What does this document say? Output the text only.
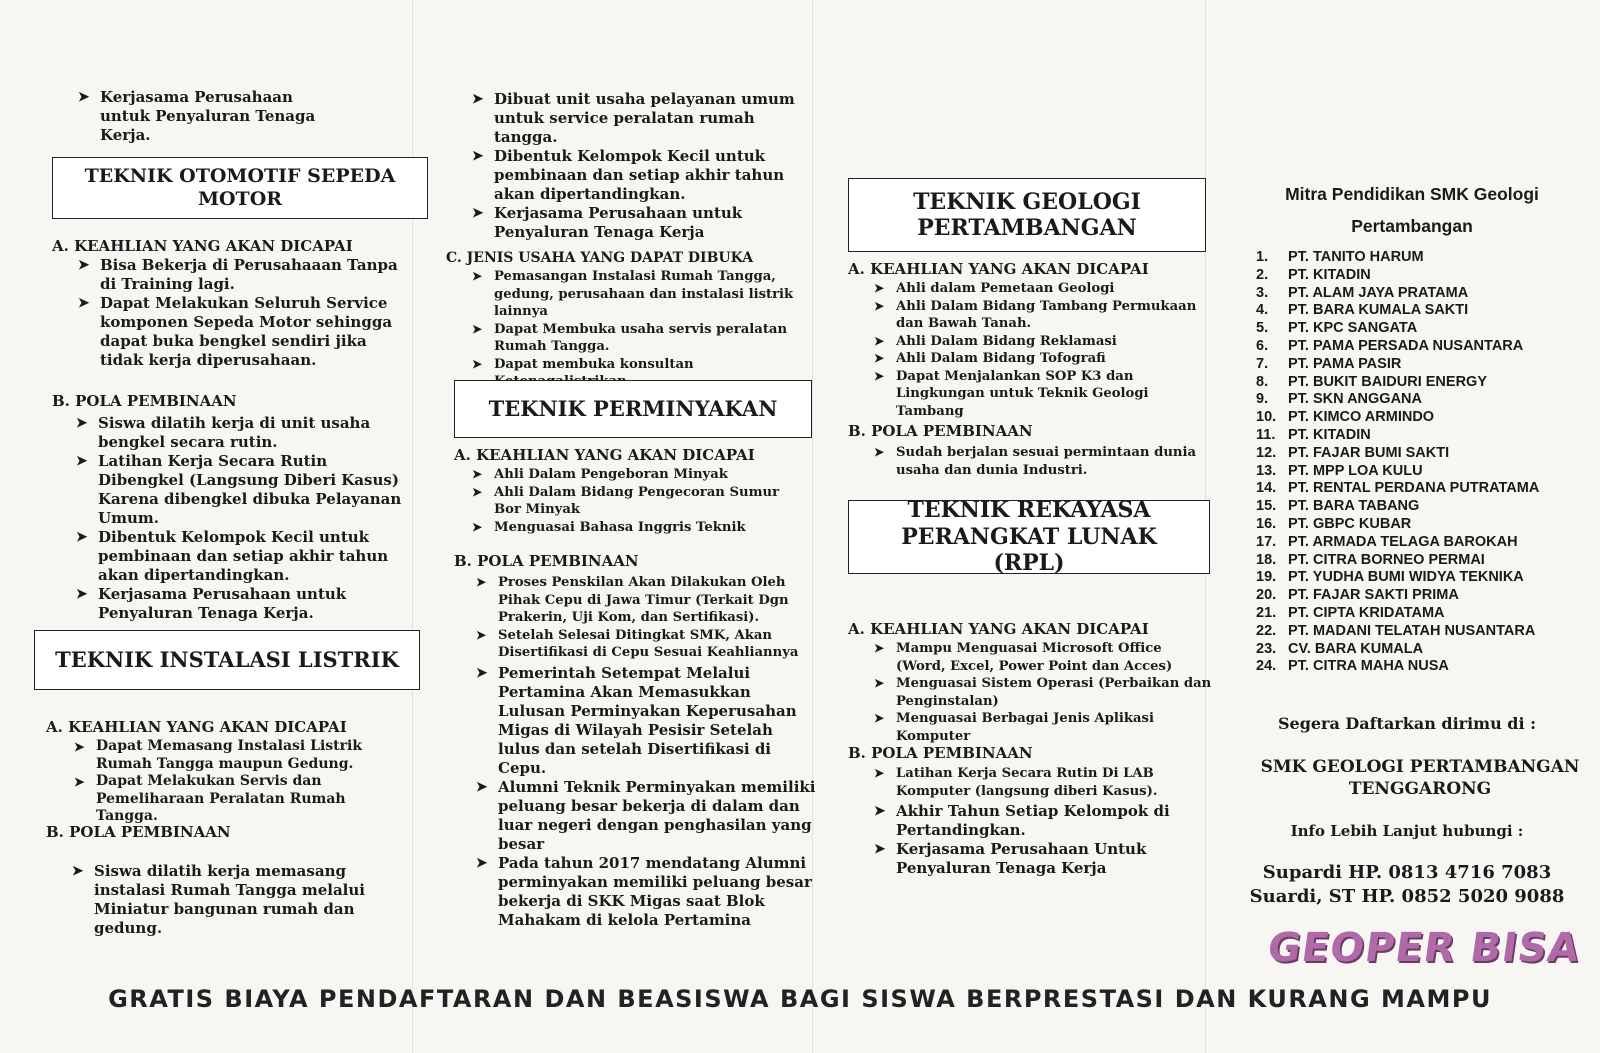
➤ Kerjasama Perusahaan untuk Penyaluran Tenaga Kerja.
TEKNIK OTOMOTIF SEPEDA MOTOR
A. KEAHLIAN YANG AKAN DICAPAI
➤ Bisa Bekerja di Perusahaaan Tanpa di Training lagi.
➤ Dapat Melakukan Seluruh Service komponen Sepeda Motor sehingga dapat buka bengkel sendiri jika tidak kerja diperusahaan.
B. POLA PEMBINAAN
➤ Siswa dilatih kerja di unit usaha bengkel secara rutin.
➤ Latihan Kerja Secara Rutin Dibengkel (Langsung Diberi Kasus) Karena dibengkel dibuka Pelayanan Umum.
➤ Dibentuk Kelompok Kecil untuk pembinaan dan setiap akhir tahun akan dipertandingkan.
➤ Kerjasama Perusahaan untuk Penyaluran Tenaga Kerja.
TEKNIK INSTALASI LISTRIK
A. KEAHLIAN YANG AKAN DICAPAI
➤ Dapat Memasang Instalasi Listrik Rumah Tangga maupun Gedung.
➤ Dapat Melakukan Servis dan Pemeliharaan Peralatan Rumah Tangga.
B. POLA PEMBINAAN
➤ Siswa dilatih kerja memasang instalasi Rumah Tangga melalui Miniatur bangunan rumah dan gedung.
➤ Dibuat unit usaha pelayanan umum untuk service peralatan rumah tangga.
➤ Dibentuk Kelompok Kecil untuk pembinaan dan setiap akhir tahun akan dipertandingkan.
➤ Kerjasama Perusahaan untuk Penyaluran Tenaga Kerja
C. JENIS USAHA YANG DAPAT DIBUKA
➤ Pemasangan Instalasi Rumah Tangga, gedung, perusahaan dan instalasi listrik lainnya
➤ Dapat Membuka usaha servis peralatan Rumah Tangga.
➤ Dapat membuka konsultan
TEKNIK PERMINYAKAN
A. KEAHLIAN YANG AKAN DICAPAI
➤ Ahli Dalam Pengeboran Minyak
➤ Ahli Dalam Bidang Pengecoran Sumur Bor Minyak
➤ Menguasai Bahasa Inggris Teknik
B. POLA PEMBINAAN
➤ Proses Penskilan Akan Dilakukan Oleh Pihak Cepu di Jawa Timur (Terkait Dgn Prakerin, Uji Kom, dan Sertifikasi).
➤ Setelah Selesai Ditingkat SMK, Akan Disertifikasi di Cepu Sesuai Keahliannya
➤ Pemerintah Setempat Melalui Pertamina Akan Memasukkan Lulusan Perminyakan Keperusahan Migas di Wilayah Pesisir Setelah lulus dan setelah Disertifikasi di Cepu.
➤ Alumni Teknik Perminyakan memiliki peluang besar bekerja di dalam dan luar negeri dengan penghasilan yang besar
➤ Pada tahun 2017 mendatang Alumni perminyakan memiliki peluang besar bekerja di SKK Migas saat Blok Mahakam di kelola Pertamina
TEKNIK GEOLOGI PERTAMBANGAN
A. KEAHLIAN YANG AKAN DICAPAI
➤ Ahli dalam Pemetaan Geologi
➤ Ahli Dalam Bidang Tambang Permukaan dan Bawah Tanah.
➤ Ahli Dalam Bidang Reklamasi
➤ Ahli Dalam Bidang Tofografi
➤ Dapat Menjalankan SOP K3 dan Lingkungan untuk Teknik Geologi Tambang
B. POLA PEMBINAAN
➤ Sudah berjalan sesuai permintaan dunia usaha dan dunia Industri.
TEKNIK REKAYASA PERANGKAT LUNAK (RPL)
A. KEAHLIAN YANG AKAN DICAPAI
➤ Mampu Menguasai Microsoft Office (Word, Excel, Power Point dan Acces)
➤ Menguasai Sistem Operasi (Perbaikan dan Penginstalan)
➤ Menguasai Berbagai Jenis Aplikasi Komputer
B. POLA PEMBINAAN
➤ Latihan Kerja Secara Rutin Di LAB Komputer (langsung diberi Kasus).
➤ Akhir Tahun Setiap Kelompok di Pertandingkan.
➤ Kerjasama Perusahaan Untuk Penyaluran Tenaga Kerja
Mitra Pendidikan SMK Geologi Pertambangan
1. PT. TANITO HARUM
2. PT. KITADIN
3. PT. ALAM JAYA PRATAMA
4. PT. BARA KUMALA SAKTI
5. PT. KPC SANGATA
6. PT. PAMA PERSADA NUSANTARA
7. PT. PAMA PASIR
8. PT. BUKIT BAIDURI ENERGY
9. PT. SKN ANGGANA
10. PT. KIMCO ARMINDO
11. PT. KITADIN
12. PT. FAJAR BUMI SAKTI
13. PT. MPP LOA KULU
14. PT. RENTAL PERDANA PUTRATAMA
15. PT. BARA TABANG
16. PT. GBPC KUBAR
17. PT. ARMADA TELAGA BAROKAH
18. PT. CITRA BORNEO PERMAI
19. PT. YUDHA BUMI WIDYA TEKNIKA
20. PT. FAJAR SAKTI PRIMA
21. PT. CIPTA KRIDATAMA
22. PT. MADANI TELATAH NUSANTARA
23. CV. BARA KUMALA
24. PT. CITRA MAHA NUSA
Segera Daftarkan dirimu di :
SMK GEOLOGI PERTAMBANGAN TENGGARONG
Info Lebih Lanjut hubungi :
Supardi HP. 0813 4716 7083
Suardi, ST HP. 0852 5020 9088
GEOPER BISA
GRATIS BIAYA PENDAFTARAN DAN BEASISWA BAGI SISWA BERPRESTASI DAN KURANG MAMPU
